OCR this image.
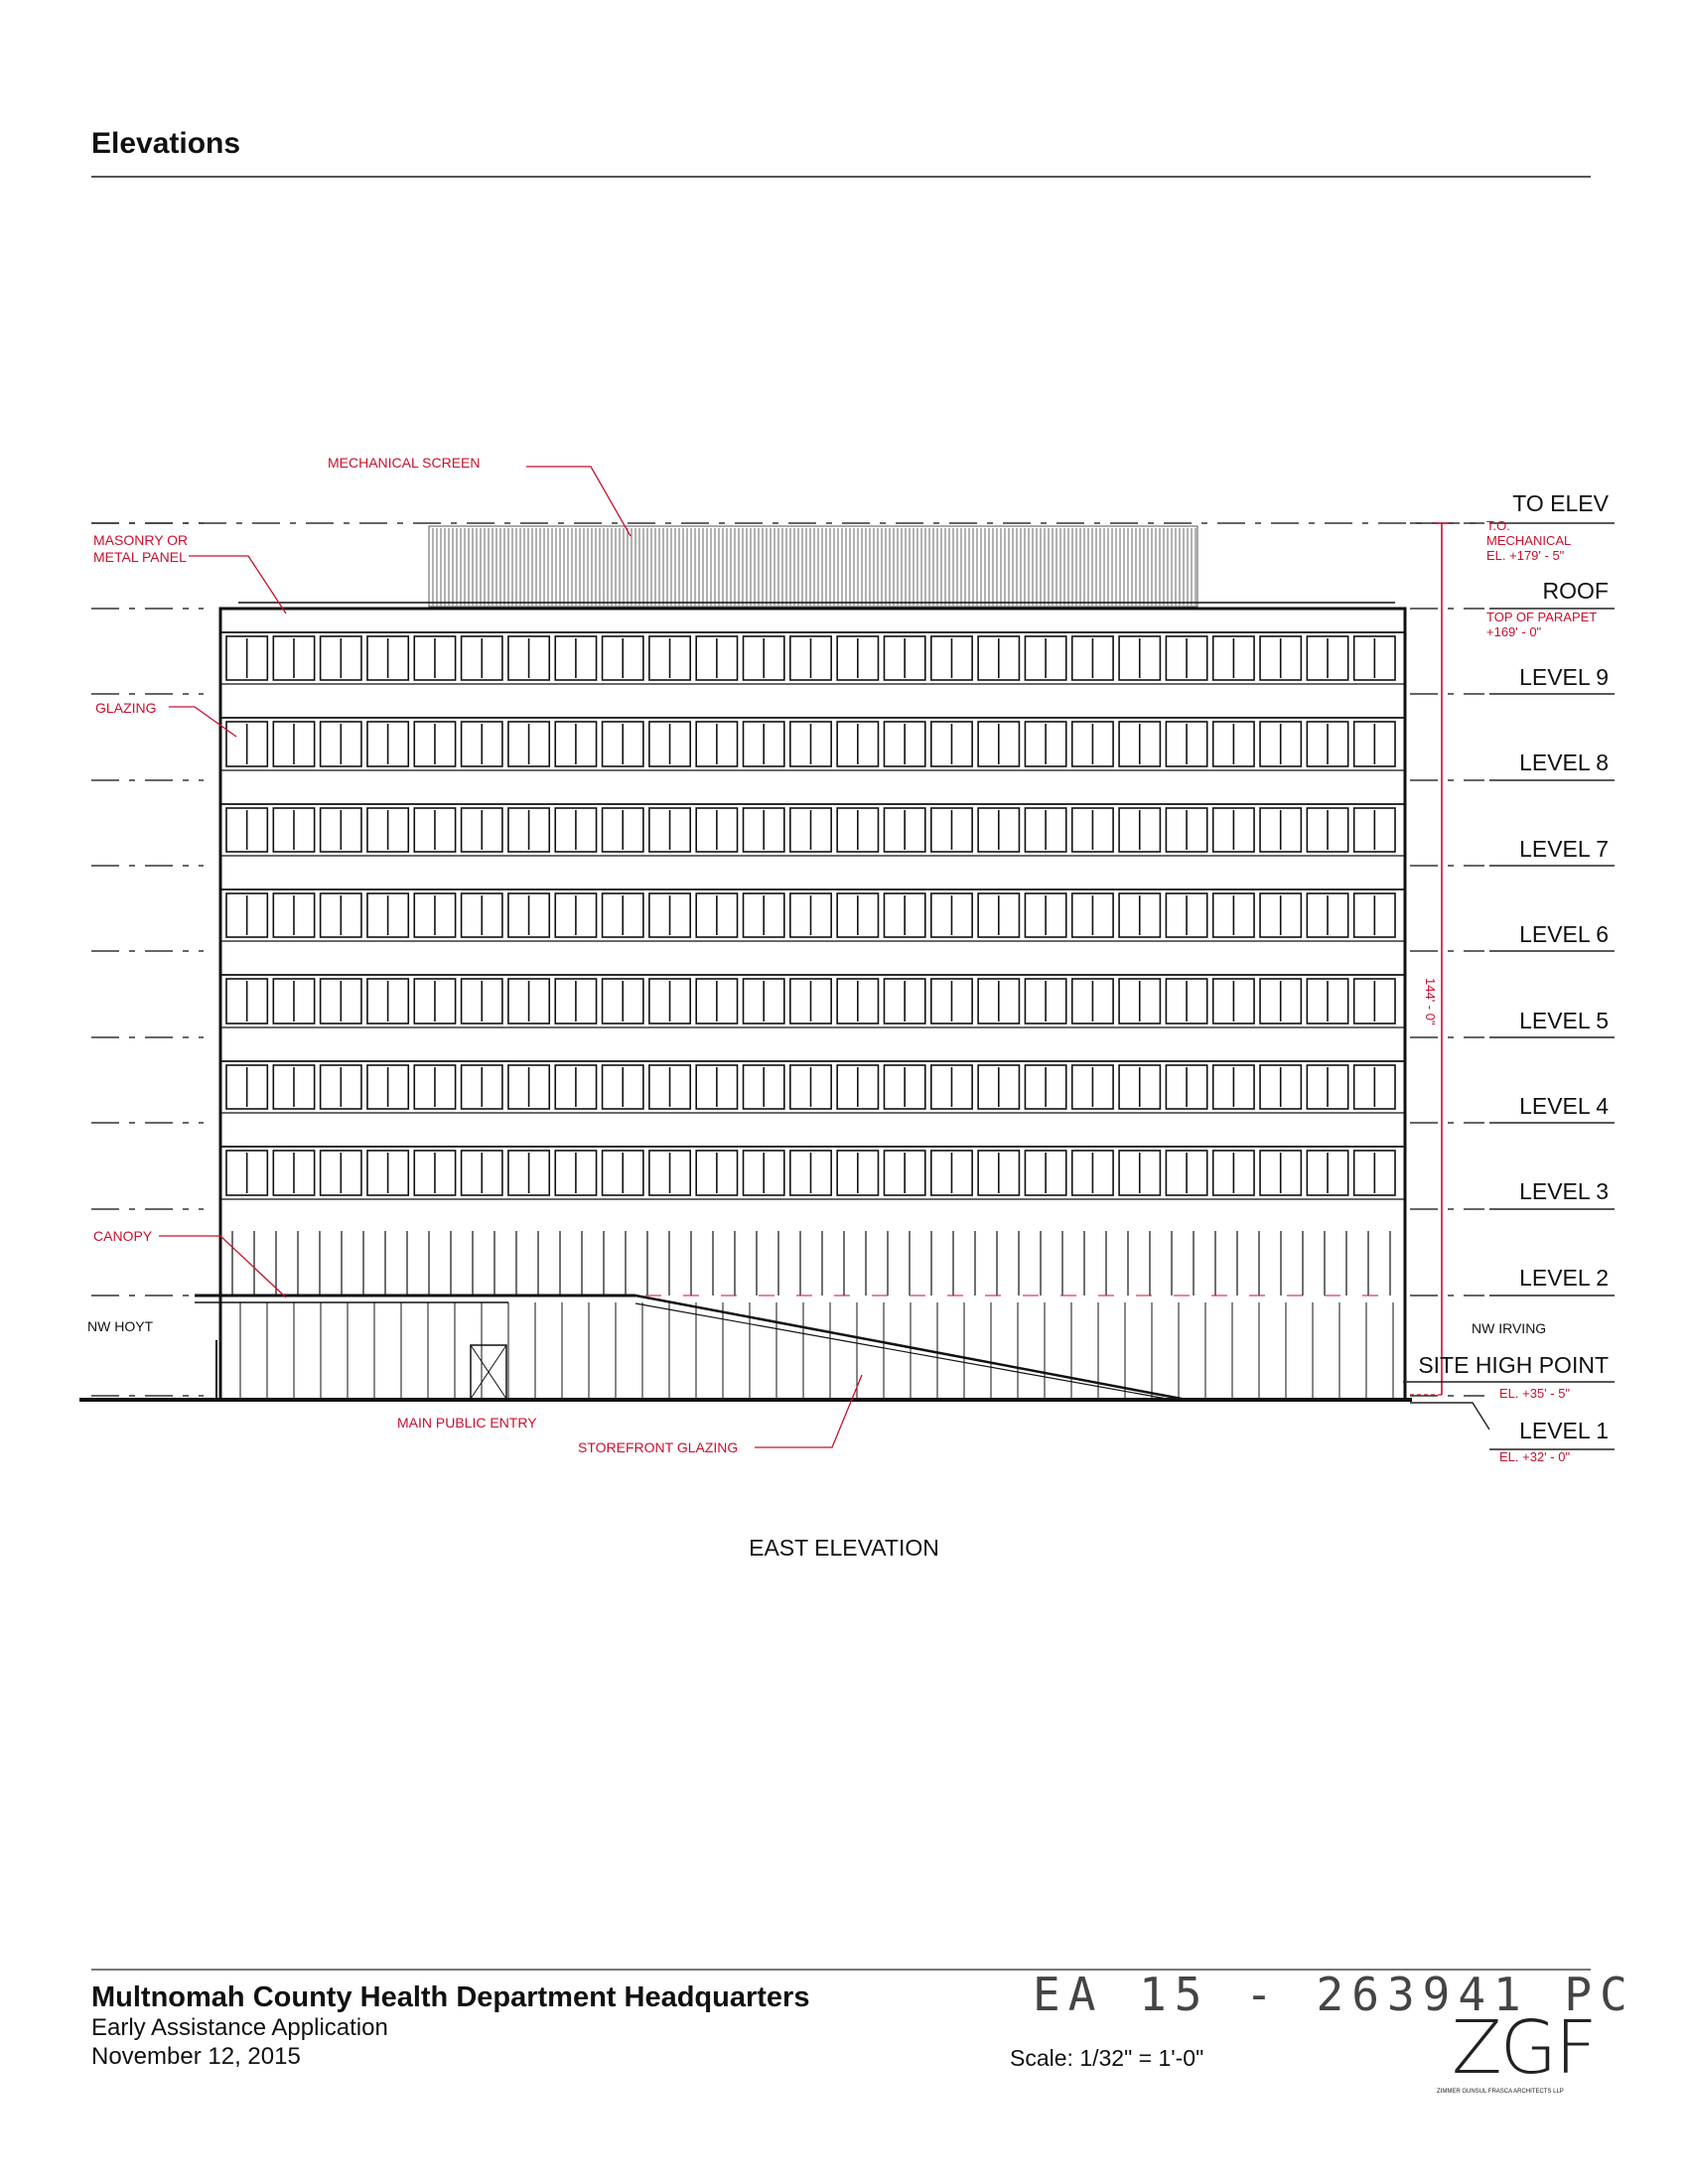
Elevations
MECHANICAL SCREEN
MASONRY OR
METAL PANEL
GLAZING
CANOPY
MAIN PUBLIC ENTRY
STOREFRONT GLAZING
NW HOYT	NW IRVING
TO ELEV
T.O.
MECHANICAL
EL. +179' - 5"
ROOF
TOP OF PARAPET
+169' - 0"
LEVEL 9
LEVEL 8
LEVEL 7
LEVEL 6
LEVEL 5
LEVEL 4
LEVEL 3
LEVEL 2
SITE HIGH POINT
EL. +35' - 5"
LEVEL 1
EL. +32' - 0"
144' - 0"
EAST ELEVATION
Multnomah County Health Department Headquarters
Early Assistance Application
November 12, 2015
EA 15 - 263941 PC
Scale: 1/32" = 1'-0"	ZGF
ZIMMER GUNSUL FRASCA ARCHITECTS LLP
